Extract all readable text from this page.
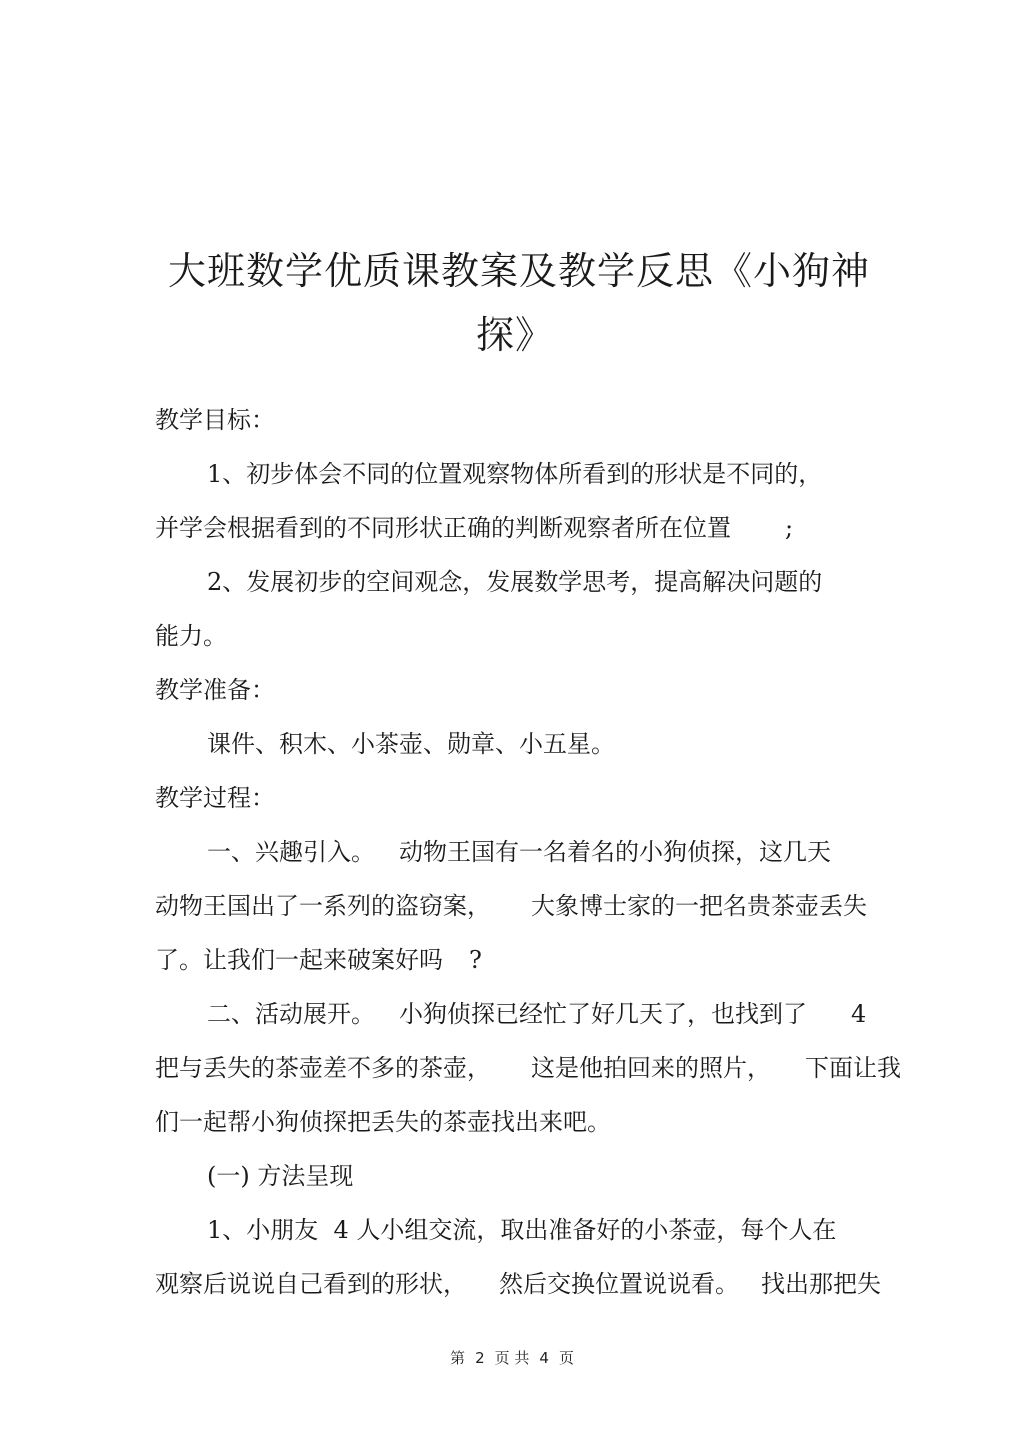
大班数学优质课教案及教学反思《小狗神
探》
教学目标：
1、初步体会不同的位置观察物体所看到的形状是不同的，
并学会根据看到的不同形状正确的判断观察者所在位置 ;
2、发展初步的空间观念，发展数学思考，提高解决问题的
能力。
教学准备：
课件、积木、小茶壶、勋章、小五星。
教学过程：
一、兴趣引入。 动物王国有一名着名的小狗侦探，这几天
动物王国出了一系列的盗窃案， 大象博士家的一把名贵茶壶丢失
了。让我们一起来破案好吗 ?
二、活动展开。 小狗侦探已经忙了好几天了，也找到了 4
把与丢失的茶壶差不多的茶壶， 这是他拍回来的照片， 下面让我
们一起帮小狗侦探把丢失的茶壶找出来吧。
(一) 方法呈现
1、小朋友  4 人小组交流，取出准备好的小茶壶，每个人在
观察后说说自己看到的形状， 然后交换位置说说看。 找出那把失
第 2 页 共 4 页
